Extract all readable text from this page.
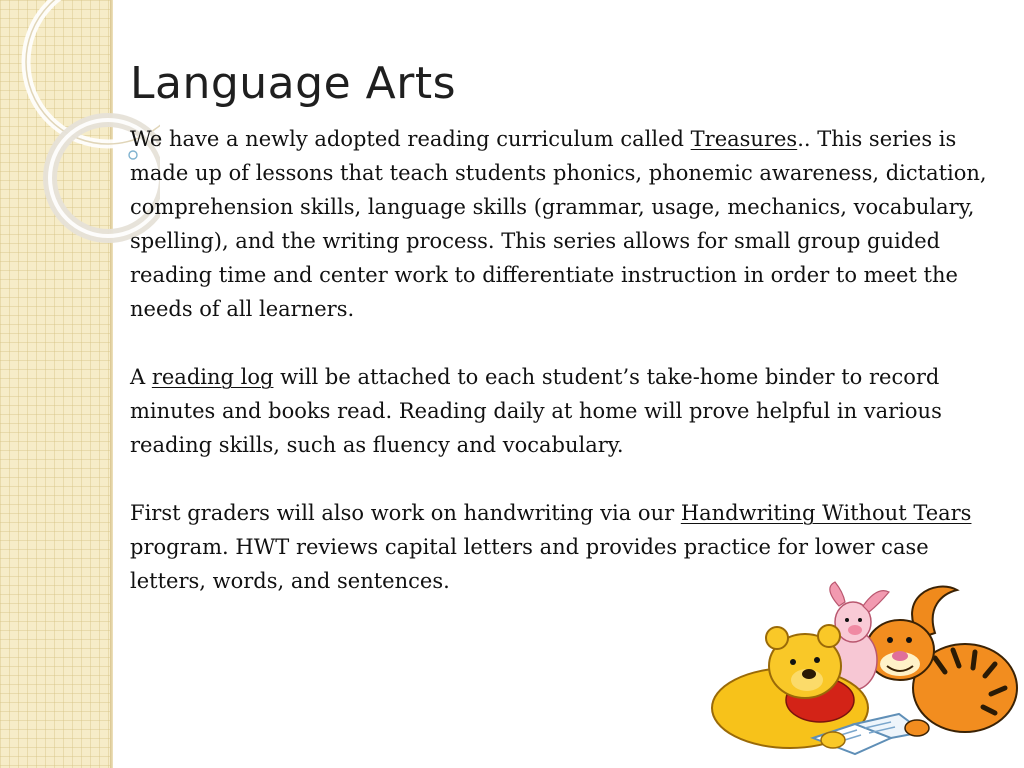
Language Arts

We have a newly adopted reading curriculum called Treasures.. This series is made up of lessons that teach students phonics, phonemic awareness, dictation, comprehension skills, language skills (grammar, usage, mechanics, vocabulary, spelling), and the writing process. This series allows for small group guided reading time and center work to differentiate instruction in order to meet the needs of all learners.

A reading log will be attached to each student’s take-home binder to record minutes and books read. Reading daily at home will prove helpful in various reading skills, such as fluency and vocabulary.

First graders will also work on handwriting via our Handwriting Without Tears program. HWT reviews capital letters and provides practice for lower case letters, words, and sentences.
